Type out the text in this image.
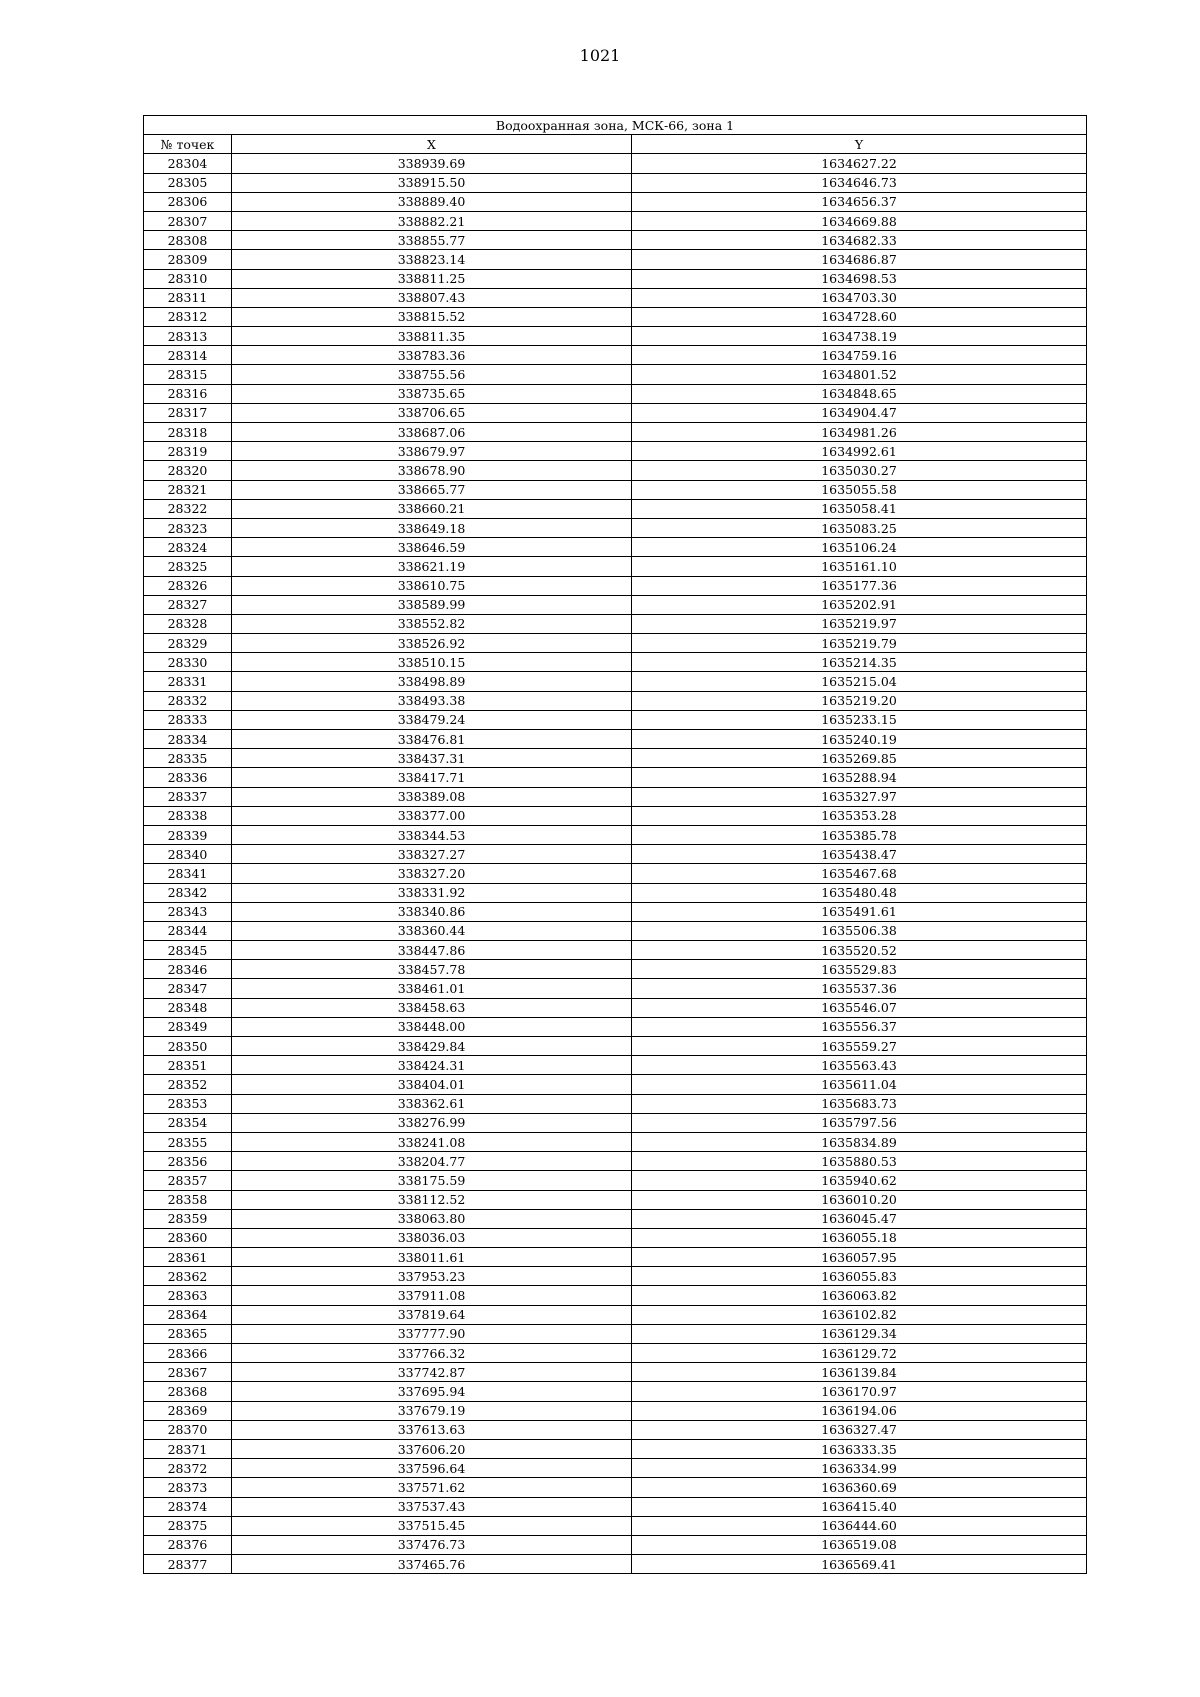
1021
Водоохранная зона, МСК-66, зона 1		
№ точек	X	Y
28304	338939.69	1634627.22
28305	338915.50	1634646.73
28306	338889.40	1634656.37
28307	338882.21	1634669.88
28308	338855.77	1634682.33
28309	338823.14	1634686.87
28310	338811.25	1634698.53
28311	338807.43	1634703.30
28312	338815.52	1634728.60
28313	338811.35	1634738.19
28314	338783.36	1634759.16
28315	338755.56	1634801.52
28316	338735.65	1634848.65
28317	338706.65	1634904.47
28318	338687.06	1634981.26
28319	338679.97	1634992.61
28320	338678.90	1635030.27
28321	338665.77	1635055.58
28322	338660.21	1635058.41
28323	338649.18	1635083.25
28324	338646.59	1635106.24
28325	338621.19	1635161.10
28326	338610.75	1635177.36
28327	338589.99	1635202.91
28328	338552.82	1635219.97
28329	338526.92	1635219.79
28330	338510.15	1635214.35
28331	338498.89	1635215.04
28332	338493.38	1635219.20
28333	338479.24	1635233.15
28334	338476.81	1635240.19
28335	338437.31	1635269.85
28336	338417.71	1635288.94
28337	338389.08	1635327.97
28338	338377.00	1635353.28
28339	338344.53	1635385.78
28340	338327.27	1635438.47
28341	338327.20	1635467.68
28342	338331.92	1635480.48
28343	338340.86	1635491.61
28344	338360.44	1635506.38
28345	338447.86	1635520.52
28346	338457.78	1635529.83
28347	338461.01	1635537.36
28348	338458.63	1635546.07
28349	338448.00	1635556.37
28350	338429.84	1635559.27
28351	338424.31	1635563.43
28352	338404.01	1635611.04
28353	338362.61	1635683.73
28354	338276.99	1635797.56
28355	338241.08	1635834.89
28356	338204.77	1635880.53
28357	338175.59	1635940.62
28358	338112.52	1636010.20
28359	338063.80	1636045.47
28360	338036.03	1636055.18
28361	338011.61	1636057.95
28362	337953.23	1636055.83
28363	337911.08	1636063.82
28364	337819.64	1636102.82
28365	337777.90	1636129.34
28366	337766.32	1636129.72
28367	337742.87	1636139.84
28368	337695.94	1636170.97
28369	337679.19	1636194.06
28370	337613.63	1636327.47
28371	337606.20	1636333.35
28372	337596.64	1636334.99
28373	337571.62	1636360.69
28374	337537.43	1636415.40
28375	337515.45	1636444.60
28376	337476.73	1636519.08
28377	337465.76	1636569.41
